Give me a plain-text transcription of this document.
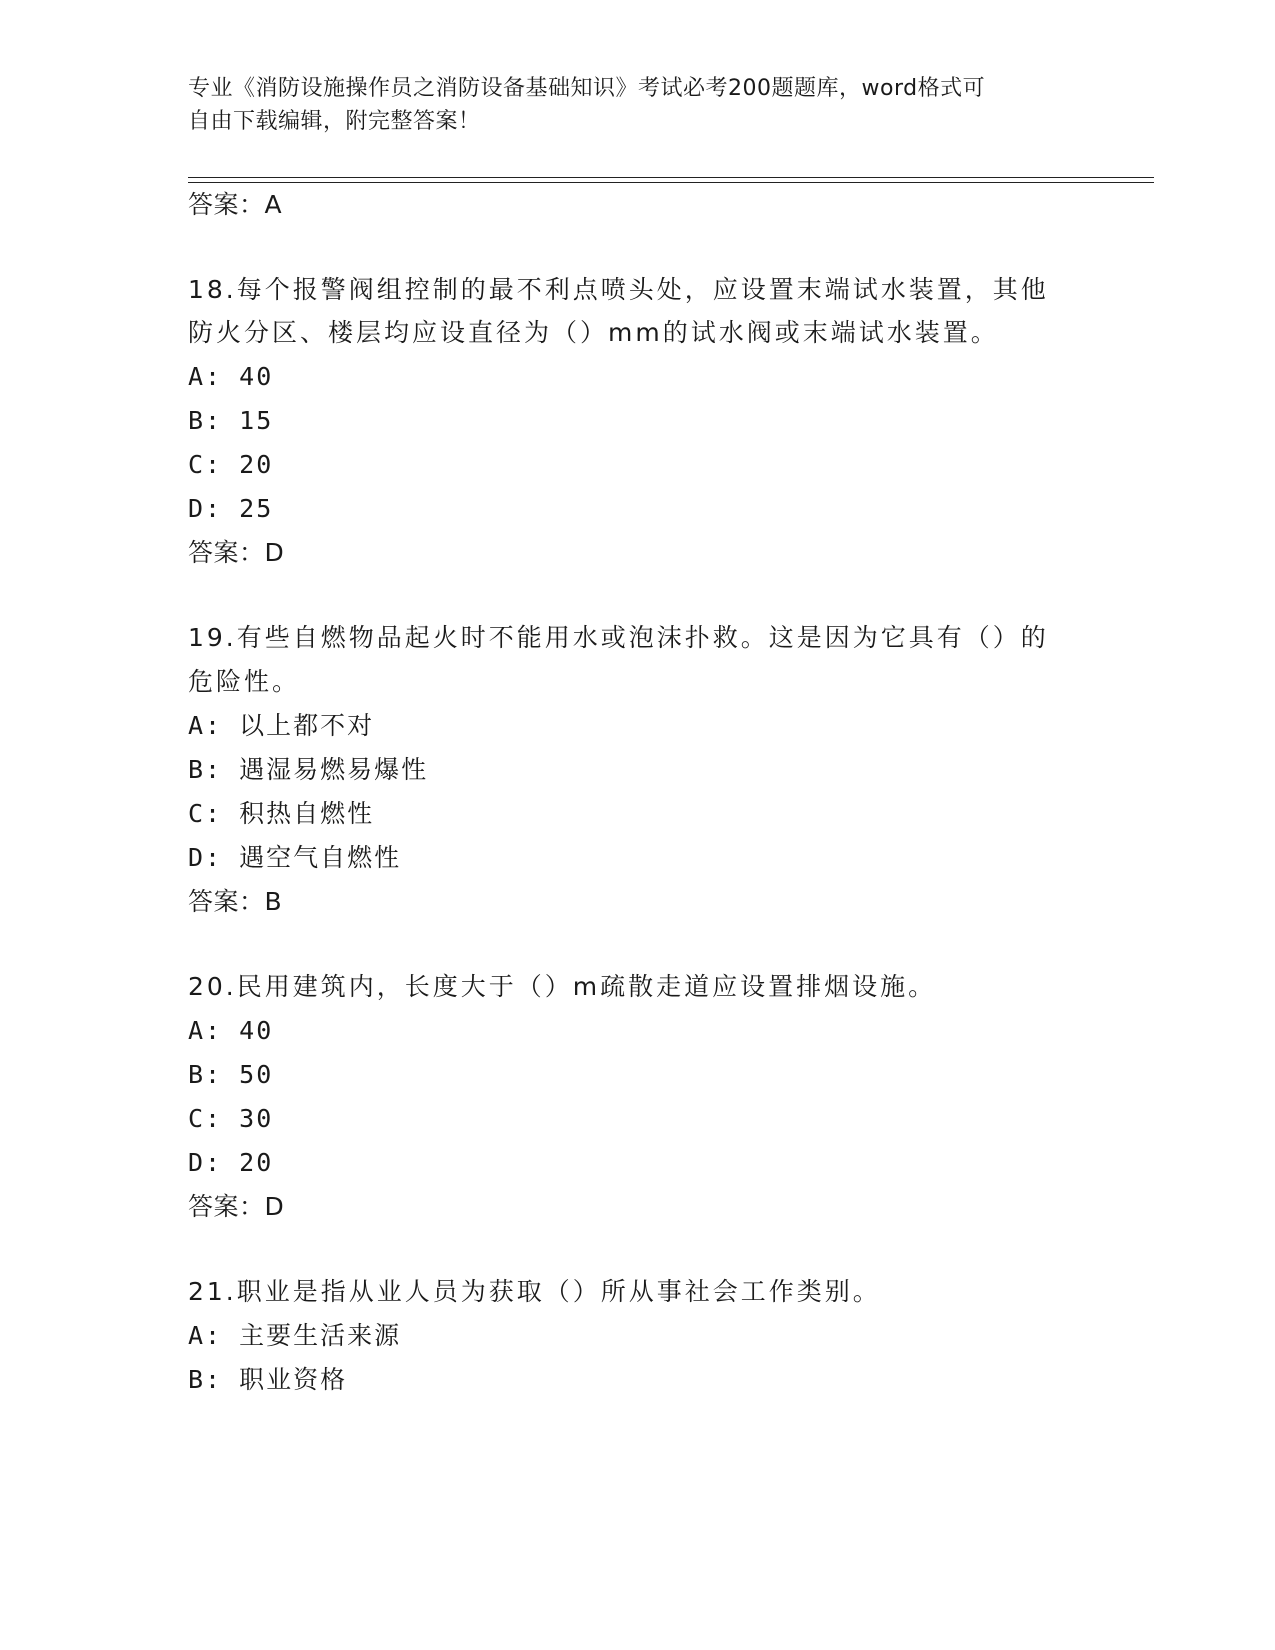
专业《消防设施操作员之消防设备基础知识》考试必考200题题库，word格式可
自由下载编辑，附完整答案！
答案：A
18.每个报警阀组控制的最不利点喷头处，应设置末端试水装置，其他
防火分区、楼层均应设直径为（）mm的试水阀或末端试水装置。
A: 40
B: 15
C: 20
D: 25
答案：D
19.有些自燃物品起火时不能用水或泡沫扑救。这是因为它具有（）的
危险性。
A: 以上都不对
B: 遇湿易燃易爆性
C: 积热自燃性
D: 遇空气自燃性
答案：B
20.民用建筑内，长度大于（）m疏散走道应设置排烟设施。
A: 40
B: 50
C: 30
D: 20
答案：D
21.职业是指从业人员为获取（）所从事社会工作类别。
A: 主要生活来源
B: 职业资格
